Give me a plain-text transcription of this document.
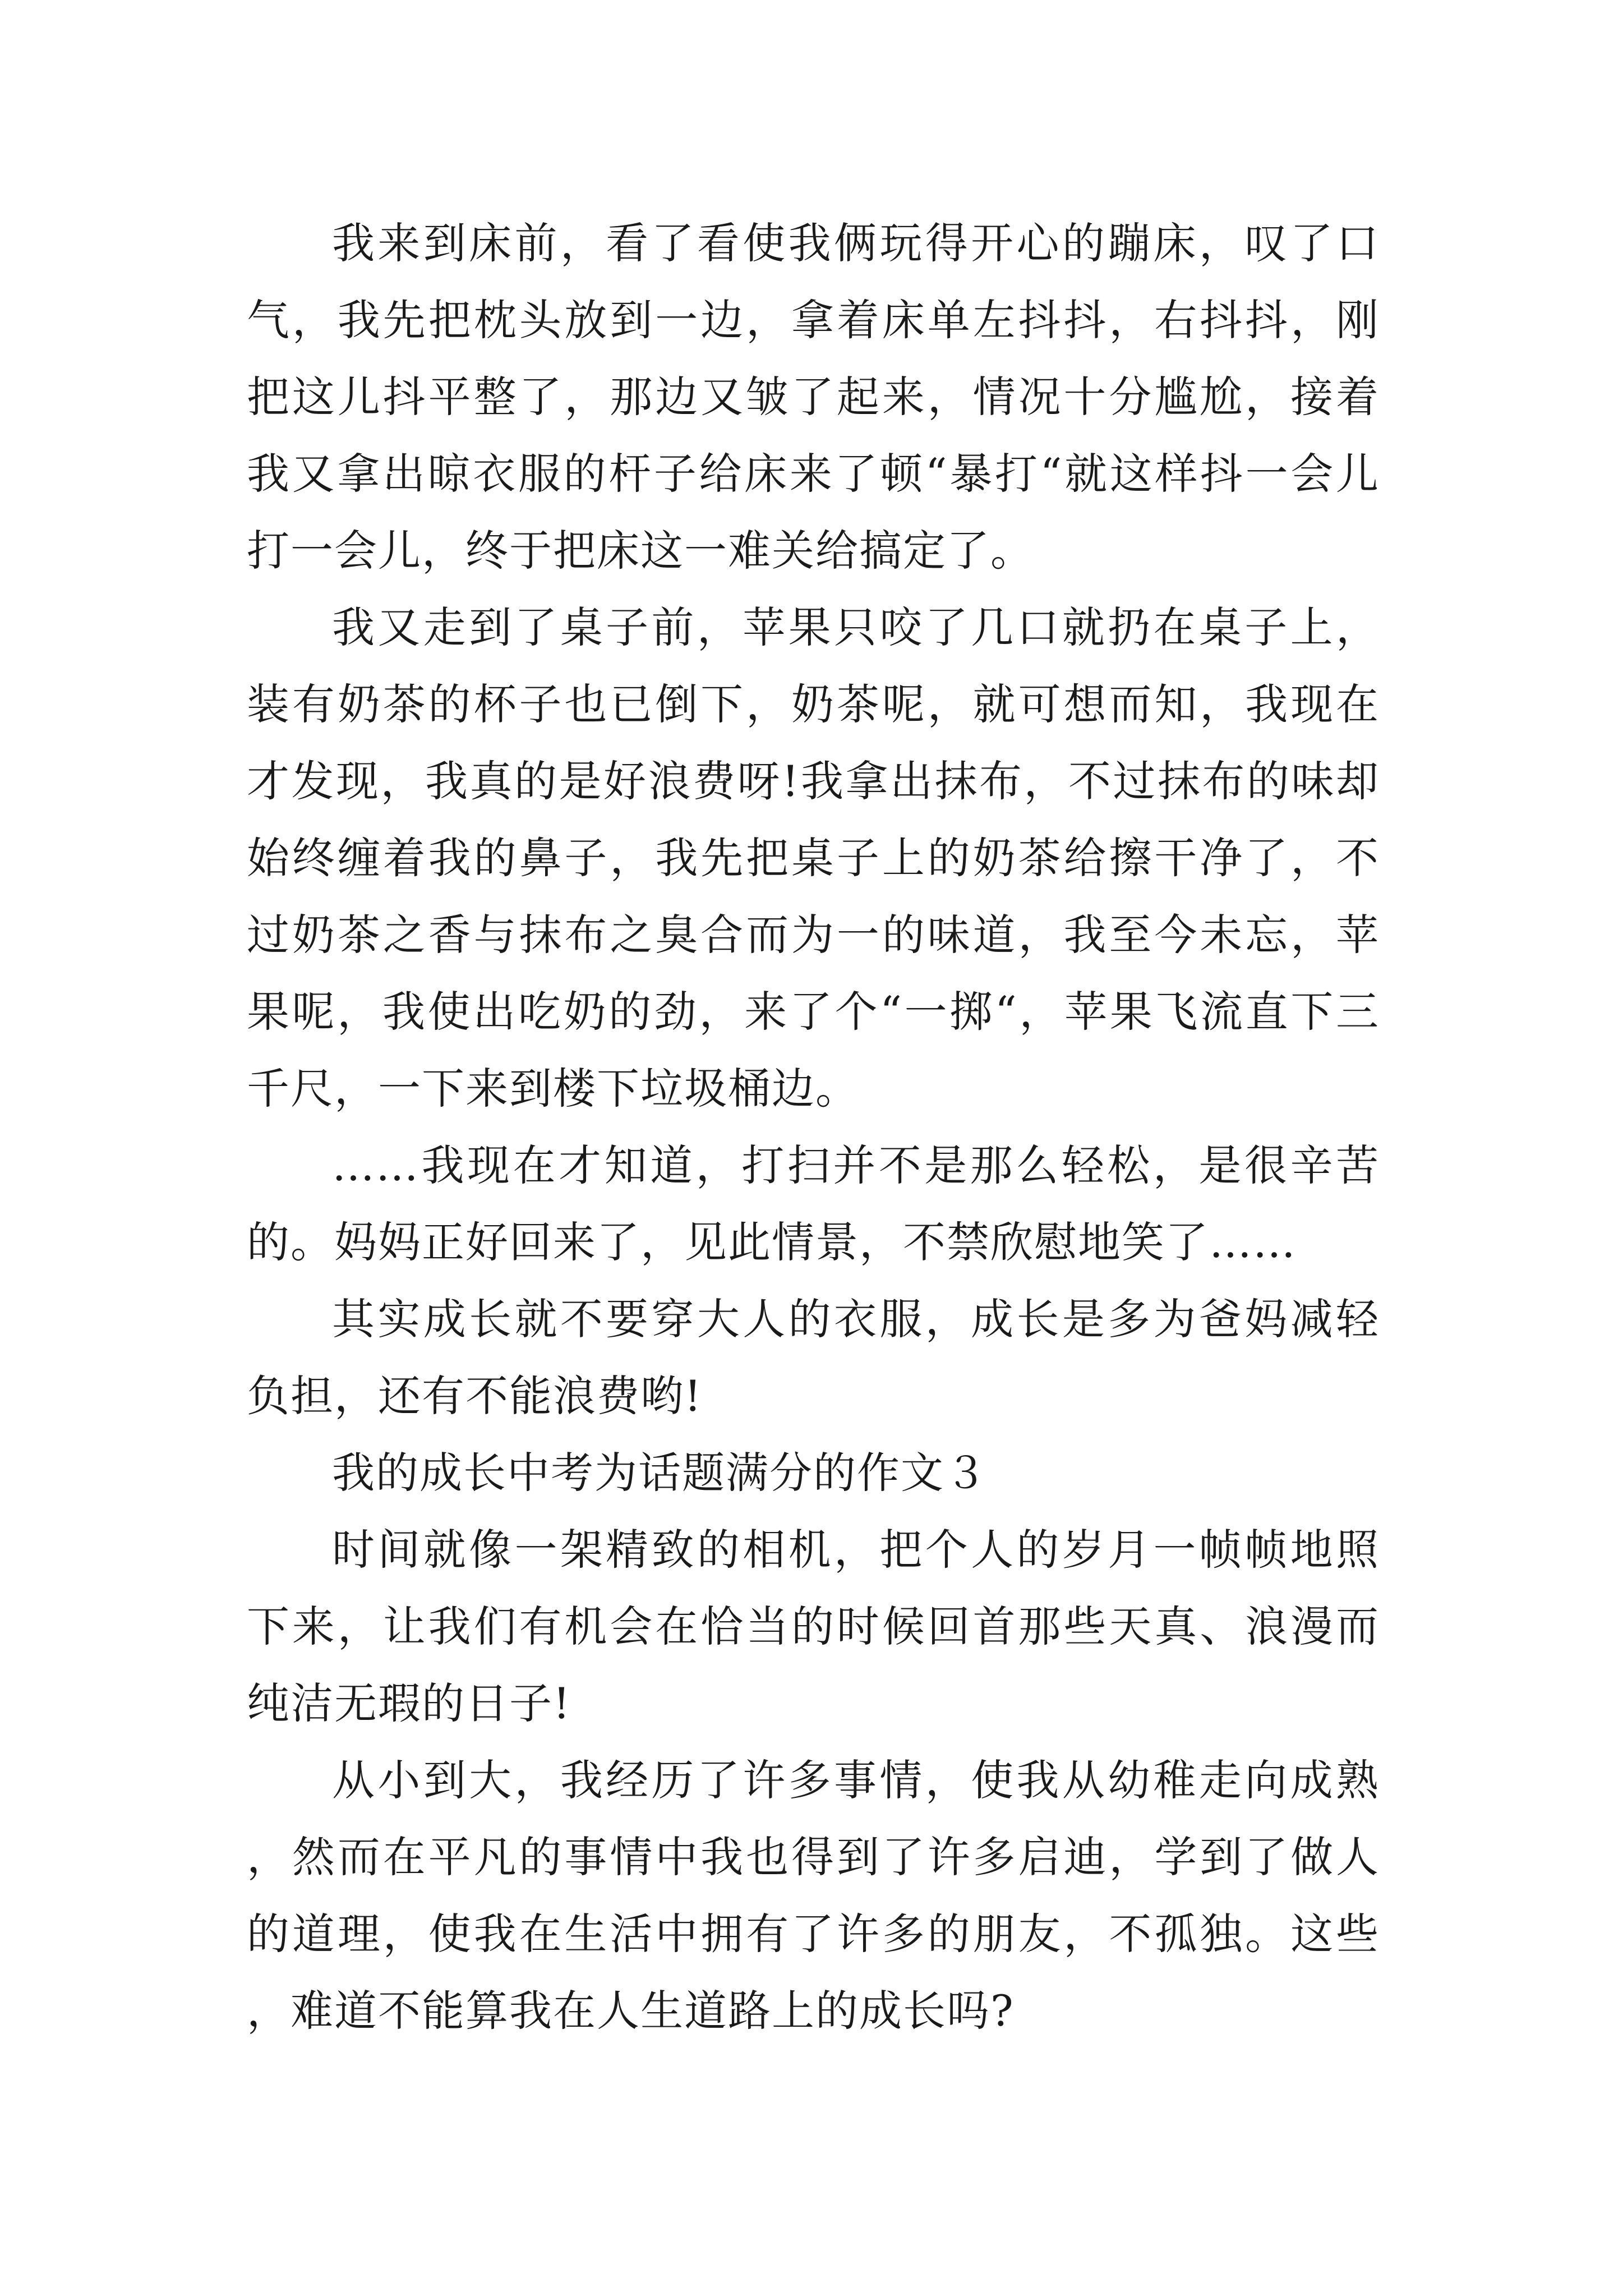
我来到床前，看了看使我俩玩得开心的蹦床，叹了口气，我先把枕头放到一边，拿着床单左抖抖，右抖抖，刚把这儿抖平整了，那边又皱了起来，情况十分尴尬，接着我又拿出晾衣服的杆子给床来了顿“暴打“就这样抖一会儿打一会儿，终于把床这一难关给搞定了。

我又走到了桌子前，苹果只咬了几口就扔在桌子上，装有奶茶的杯子也已倒下，奶茶呢，就可想而知，我现在才发现，我真的是好浪费呀!我拿出抹布，不过抹布的味却始终缠着我的鼻子，我先把桌子上的奶茶给擦干净了，不过奶茶之香与抹布之臭合而为一的味道，我至今未忘，苹果呢，我使出吃奶的劲，来了个“一掷“，苹果飞流直下三千尺，一下来到楼下垃圾桶边。

……我现在才知道，打扫并不是那么轻松，是很辛苦的。妈妈正好回来了，见此情景，不禁欣慰地笑了……

其实成长就不要穿大人的衣服，成长是多为爸妈减轻负担，还有不能浪费哟!

我的成长中考为话题满分的作文３

时间就像一架精致的相机，把个人的岁月一帧帧地照下来，让我们有机会在恰当的时候回首那些天真、浪漫而纯洁无瑕的日子!

从小到大，我经历了许多事情，使我从幼稚走向成熟，然而在平凡的事情中我也得到了许多启迪，学到了做人的道理，使我在生活中拥有了许多的朋友，不孤独。这些，难道不能算我在人生道路上的成长吗?
